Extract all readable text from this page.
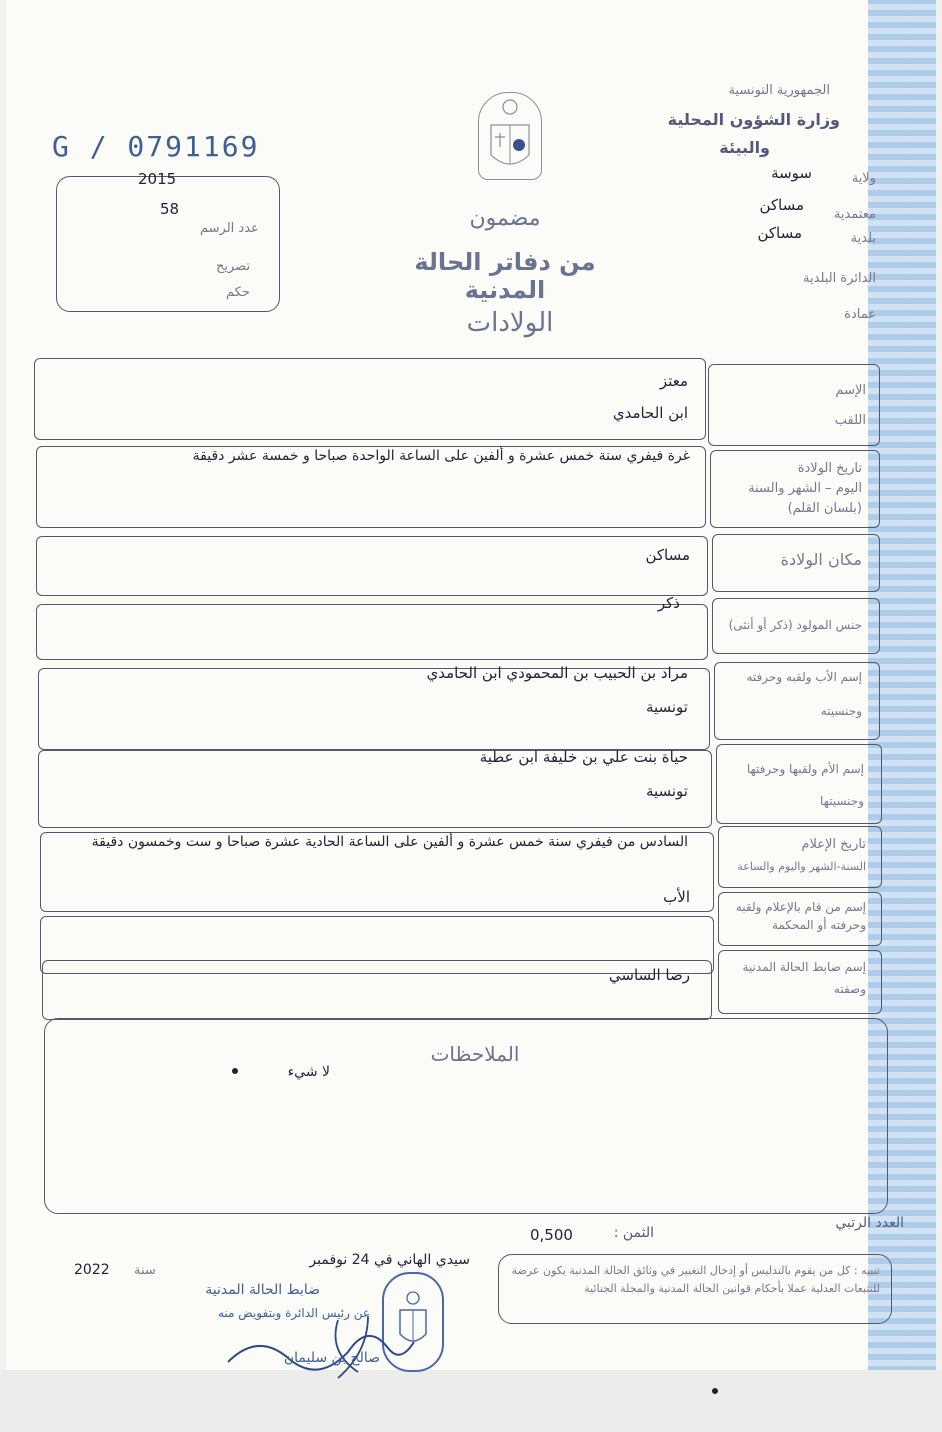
G / 0791169
2015
58
عدد الرسم
تصريح
حكم
الجمهورية التونسية
وزارة الشؤون المحلية
والبيئة
ولاية
سوسة
معتمدية
مساكن
بلدية
مساكن
الدائرة البلدية
عمادة
مضمون
من دفاتر الحالة المدنية
الولادات
الإسم
اللقب
معتز
ابن الحامدي
تاريخ الولادة
اليوم – الشهر والسنة
(بلسان القلم)
غرة فيفري سنة خمس عشرة و ألفين على الساعة الواحدة صباحا و خمسة عشر دقيقة
مكان الولادة
مساكن
جنس المولود (ذكر أو أنثى)
ذكر
إسم الأب ولقبه وحرفته
وجنسيته
مراد بن الحبيب بن المحمودي ابن الحامدي
تونسية
إسم الأم ولقبها وحرفتها
وجنسيتها
حياة بنت علي بن خليفة ابن عطية
تونسية
تاريخ الإعلام
السنة-الشهر واليوم والساعة
السادس من فيفري سنة خمس عشرة و ألفين على الساعة الحادية عشرة صباحا و ست وخمسون دقيقة
إسم من قام بالإعلام ولقبه
وحرفته أو المحكمة
الأب
إسم ضابط الحالة المدنية
وصفته
رضا الساسي
الملاحظات
لا شيء
العدد الرتبي
الثمن :
0,500
تنبيه : كل من يقوم بالتدليس أو إدخال التغيير في وثائق الحالة المدنية يكون عرضة للتتبعات العدلية عملا بأحكام قوانين الحالة المدنية والمجلة الجنائية
سيدي الهاني في 24 نوفمبر
سنة
2022
ضابط الحالة المدنية
عن رئيس الدائرة وبتفويض منه
صالح بن سليمان
